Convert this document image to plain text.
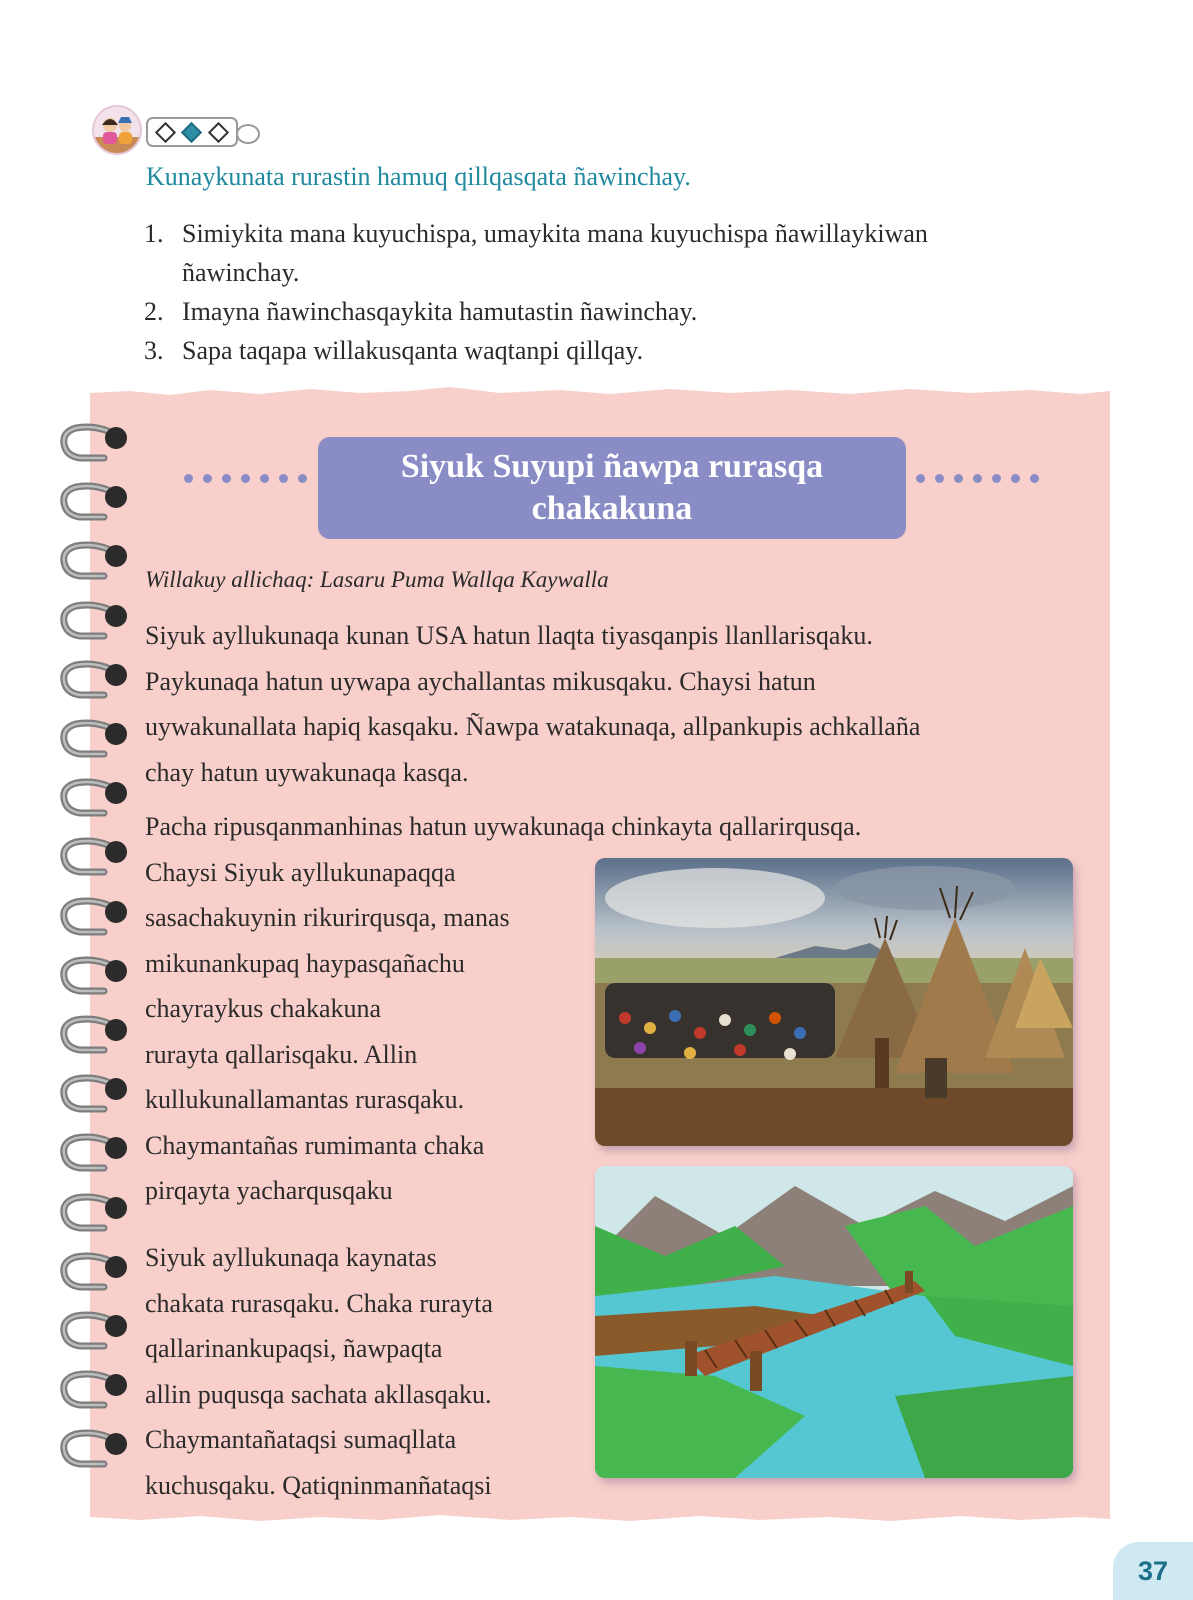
Kunaykunata rurastin hamuq qillqasqata ñawinchay.
1. Simiykita mana kuyuchispa, umaykita mana kuyuchispa ñawillaykiwan
ñawinchay.
2. Imayna ñawinchasqaykita hamutastin ñawinchay.
3. Sapa taqapa willakusqanta waqtanpi qillqay.
Siyuk Suyupi ñawpa rurasqa
chakakuna
Willakuy allichaq: Lasaru Puma Wallqa Kaywalla
Siyuk ayllukunaqa kunan USA hatun llaqta tiyasqanpis llanllarisqaku.
Paykunaqa hatun uywapa aychallantas mikusqaku. Chaysi hatun
uywakunallata hapiq kasqaku. Ñawpa watakunaqa, allpankupis achkallaña
chay hatun uywakunaqa kasqa.
Pacha ripusqanmanhinas hatun uywakunaqa chinkayta qallarirqusqa.
Chaysi Siyuk ayllukunapaqqa
sasachakuynin rikurirqusqa, manas
mikunankupaq haypasqañachu
chayraykus chakakuna
rurayta qallarisqaku. Allin
kullukunallamantas rurasqaku.
Chaymantañas rumimanta chaka
pirqayta yacharqusqaku
Siyuk ayllukunaqa kaynatas
chakata rurasqaku. Chaka rurayta
qallarinankupaqsi, ñawpaqta
allin puqusqa sachata akllasqaku.
Chaymantañataqsi sumaqllata
kuchusqaku. Qatiqninmanñataqsi
37
